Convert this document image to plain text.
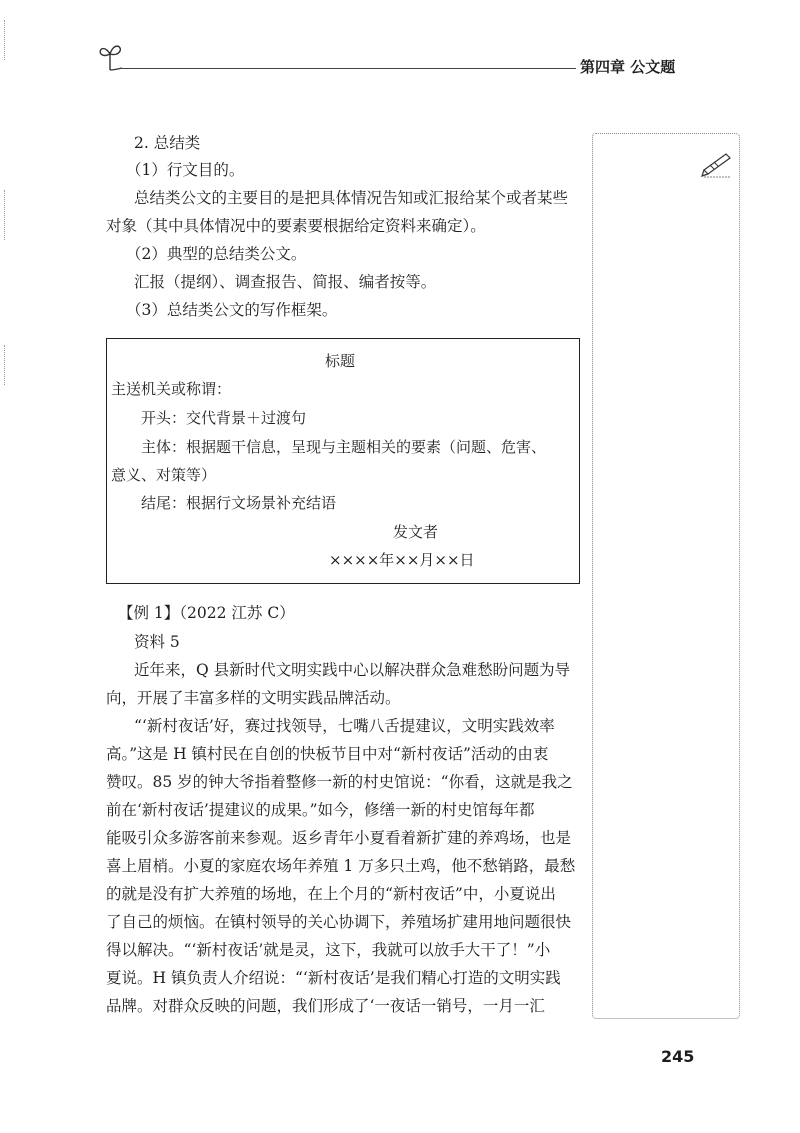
第四章 公文题
2. 总结类
（1）行文目的。
总结类公文的主要目的是把具体情况告知或汇报给某个或者某些
对象（其中具体情况中的要素要根据给定资料来确定）。
（2）典型的总结类公文。
汇报（提纲）、调查报告、简报、编者按等。
（3）总结类公文的写作框架。
标题
主送机关或称谓：
开头：交代背景＋过渡句
主体：根据题干信息，呈现与主题相关的要素（问题、危害、
意义、对策等）
结尾：根据行文场景补充结语
发文者
××××年××月××日
【例 1】（2022 江苏 C）
资料 5
近年来，Q 县新时代文明实践中心以解决群众急难愁盼问题为导
向，开展了丰富多样的文明实践品牌活动。
“‘新村夜话’好，赛过找领导，七嘴八舌提建议，文明实践效率
高。”这是 H 镇村民在自创的快板节目中对“新村夜话”活动的由衷
赞叹。85 岁的钟大爷指着整修一新的村史馆说：“你看，这就是我之
前在‘新村夜话’提建议的成果。”如今，修缮一新的村史馆每年都
能吸引众多游客前来参观。返乡青年小夏看着新扩建的养鸡场，也是
喜上眉梢。小夏的家庭农场年养殖 1 万多只土鸡，他不愁销路，最愁
的就是没有扩大养殖的场地，在上个月的“新村夜话”中，小夏说出
了自己的烦恼。在镇村领导的关心协调下，养殖场扩建用地问题很快
得以解决。“‘新村夜话’就是灵，这下，我就可以放手大干了！”小
夏说。H 镇负责人介绍说：“‘新村夜话’是我们精心打造的文明实践
品牌。对群众反映的问题，我们形成了‘一夜话一销号，一月一汇
245
